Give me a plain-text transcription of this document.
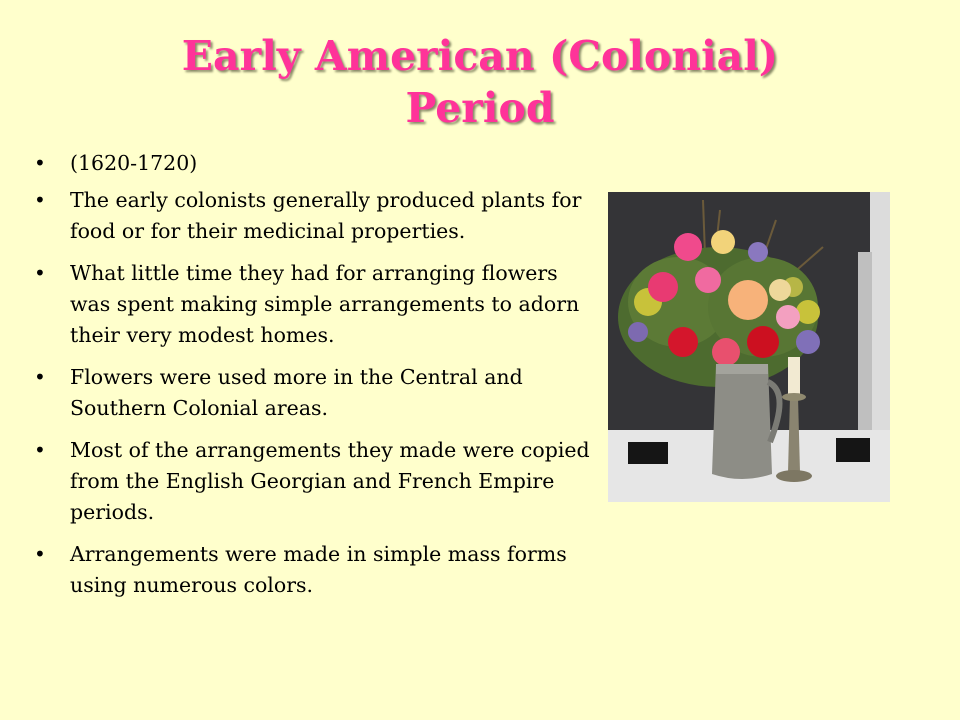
Early American (Colonial)
Period
• (1620-1720)
• The early colonists generally produced plants for food or for their medicinal properties.
• What little time they had for arranging flowers was spent making simple arrangements to adorn their very modest homes.
• Flowers were used more in the Central and Southern Colonial areas.
• Most of the arrangements they made were copied from the English Georgian and French Empire periods.
• Arrangements were made in simple mass forms using numerous colors.
